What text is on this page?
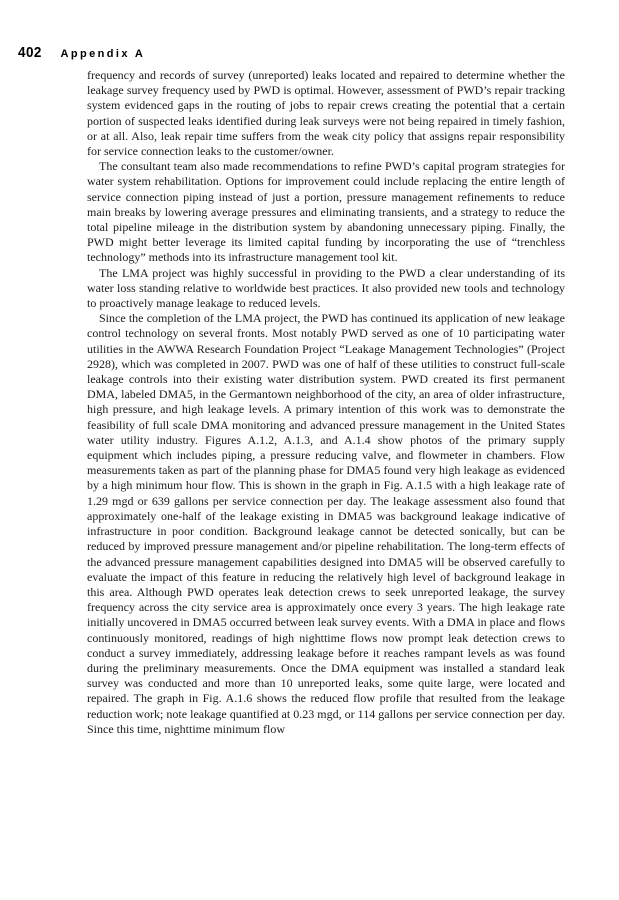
402 Appendix A

frequency and records of survey (unreported) leaks located and repaired to determine whether the leakage survey frequency used by PWD is optimal. However, assessment of PWD’s repair tracking system evidenced gaps in the routing of jobs to repair crews creating the potential that a certain portion of suspected leaks identified during leak surveys were not being repaired in timely fashion, or at all. Also, leak repair time suffers from the weak city policy that assigns repair responsibility for service connection leaks to the customer/owner.

The consultant team also made recommendations to refine PWD’s capital program strategies for water system rehabilitation. Options for improvement could include replacing the entire length of service connection piping instead of just a portion, pressure management refinements to reduce main breaks by lowering average pressures and eliminating transients, and a strategy to reduce the total pipeline mileage in the distribution system by abandoning unnecessary piping. Finally, the PWD might better leverage its limited capital funding by incorporating the use of “trenchless technology” methods into its infrastructure management tool kit.

The LMA project was highly successful in providing to the PWD a clear understanding of its water loss standing relative to worldwide best practices. It also provided new tools and technology to proactively manage leakage to reduced levels.

Since the completion of the LMA project, the PWD has continued its application of new leakage control technology on several fronts. Most notably PWD served as one of 10 participating water utilities in the AWWA Research Foundation Project “Leakage Management Technologies” (Project 2928), which was completed in 2007. PWD was one of half of these utilities to construct full-scale leakage controls into their existing water distribution system. PWD created its first permanent DMA, labeled DMA5, in the Germantown neighborhood of the city, an area of older infrastructure, high pressure, and high leakage levels. A primary intention of this work was to demonstrate the feasibility of full scale DMA monitoring and advanced pressure management in the United States water utility industry. Figures A.1.2, A.1.3, and A.1.4 show photos of the primary supply equipment which includes piping, a pressure reducing valve, and flowmeter in chambers. Flow measurements taken as part of the planning phase for DMA5 found very high leakage as evidenced by a high minimum hour flow. This is shown in the graph in Fig. A.1.5 with a high leakage rate of 1.29 mgd or 639 gallons per service connection per day. The leakage assessment also found that approximately one-half of the leakage existing in DMA5 was background leakage indicative of infrastructure in poor condition. Background leakage cannot be detected sonically, but can be reduced by improved pressure management and/or pipeline rehabilitation. The long-term effects of the advanced pressure management capabilities designed into DMA5 will be observed carefully to evaluate the impact of this feature in reducing the relatively high level of background leakage in this area. Although PWD operates leak detection crews to seek unreported leakage, the survey frequency across the city service area is approximately once every 3 years. The high leakage rate initially uncovered in DMA5 occurred between leak survey events. With a DMA in place and flows continuously monitored, readings of high nighttime flows now prompt leak detection crews to conduct a survey immediately, addressing leakage before it reaches rampant levels as was found during the preliminary measurements. Once the DMA equipment was installed a standard leak survey was conducted and more than 10 unreported leaks, some quite large, were located and repaired. The graph in Fig. A.1.6 shows the reduced flow profile that resulted from the leakage reduction work; note leakage quantified at 0.23 mgd, or 114 gallons per service connection per day. Since this time, nighttime minimum flow
